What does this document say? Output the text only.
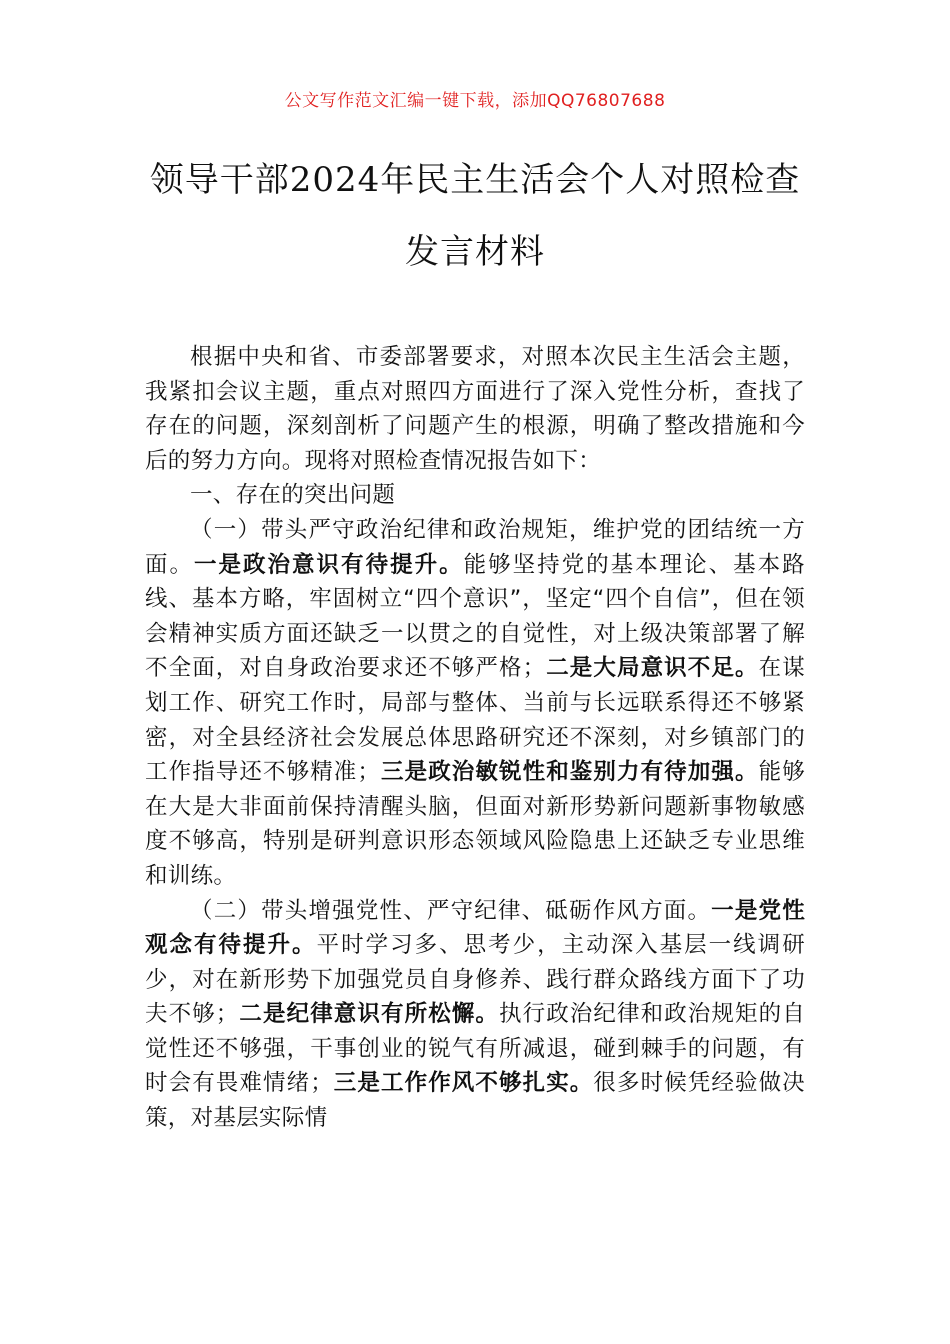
公文写作范文汇编一键下载，添加QQ76807688
领导干部2024年民主生活会个人对照检查
发言材料

根据中央和省、市委部署要求，对照本次民主生活会主题，我紧扣会议主题，重点对照四方面进行了深入党性分析，查找了存在的问题，深刻剖析了问题产生的根源，明确了整改措施和今后的努力方向。现将对照检查情况报告如下：

一、存在的突出问题

（一）带头严守政治纪律和政治规矩，维护党的团结统一方面。一是政治意识有待提升。能够坚持党的基本理论、基本路线、基本方略，牢固树立“四个意识”，坚定“四个自信”，但在领会精神实质方面还缺乏一以贯之的自觉性，对上级决策部署了解不全面，对自身政治要求还不够严格；二是大局意识不足。在谋划工作、研究工作时，局部与整体、当前与长远联系得还不够紧密，对全县经济社会发展总体思路研究还不深刻，对乡镇部门的工作指导还不够精准；三是政治敏锐性和鉴别力有待加强。能够在大是大非面前保持清醒头脑，但面对新形势新问题新事物敏感度不够高，特别是研判意识形态领域风险隐患上还缺乏专业思维和训练。

（二）带头增强党性、严守纪律、砥砺作风方面。一是党性观念有待提升。平时学习多、思考少，主动深入基层一线调研少，对在新形势下加强党员自身修养、践行群众路线方面下了功夫不够；二是纪律意识有所松懈。执行政治纪律和政治规矩的自觉性还不够强，干事创业的锐气有所减退，碰到棘手的问题，有时会有畏难情绪；三是工作作风不够扎实。很多时候凭经验做决策，对基层实际情
